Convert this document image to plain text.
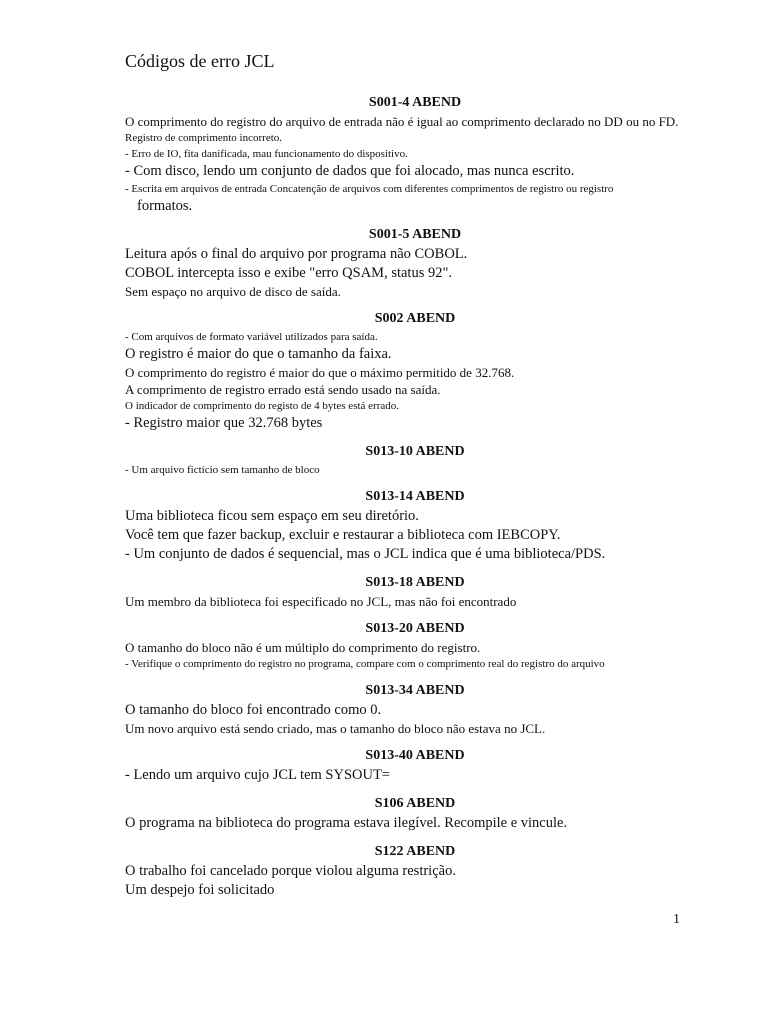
Códigos de erro JCL
S001-4 ABEND
O comprimento do registro do arquivo de entrada não é igual ao comprimento declarado no DD ou no FD.
Registro de comprimento incorreto.
- Erro de IO, fita danificada, mau funcionamento do dispositivo.
- Com disco, lendo um conjunto de dados que foi alocado, mas nunca escrito.
- Escrita em arquivos de entrada Concatenção de arquivos com diferentes comprimentos de registro ou registro
formatos.
S001-5 ABEND
Leitura após o final do arquivo por programa não COBOL.
COBOL intercepta isso e exibe "erro QSAM, status 92".
Sem espaço no arquivo de disco de saída.
S002 ABEND
- Com arquivos de formato variável utilizados para saída.
O registro é maior do que o tamanho da faixa.
O comprimento do registro é maior do que o máximo permitido de 32.768.
A comprimento de registro errado está sendo usado na saída.
O indicador de comprimento do registo de 4 bytes está errado.
- Registro maior que 32.768 bytes
S013-10 ABEND
- Um arquivo fictício sem tamanho de bloco
S013-14 ABEND
Uma biblioteca ficou sem espaço em seu diretório.
Você tem que fazer backup, excluir e restaurar a biblioteca com IEBCOPY.
- Um conjunto de dados é sequencial, mas o JCL indica que é uma biblioteca/PDS.
S013-18 ABEND
Um membro da biblioteca foi especificado no JCL, mas não foi encontrado
S013-20 ABEND
O tamanho do bloco não é um múltiplo do comprimento do registro.
- Verifique o comprimento do registro no programa, compare com o comprimento real do registro do arquivo
S013-34 ABEND
O tamanho do bloco foi encontrado como 0.
Um novo arquivo está sendo criado, mas o tamanho do bloco não estava no JCL.
S013-40 ABEND
- Lendo um arquivo cujo JCL tem SYSOUT=
S106 ABEND
O programa na biblioteca do programa estava ilegível. Recompile e vincule.
S122 ABEND
O trabalho foi cancelado porque violou alguma restrição.
Um despejo foi solicitado
1
